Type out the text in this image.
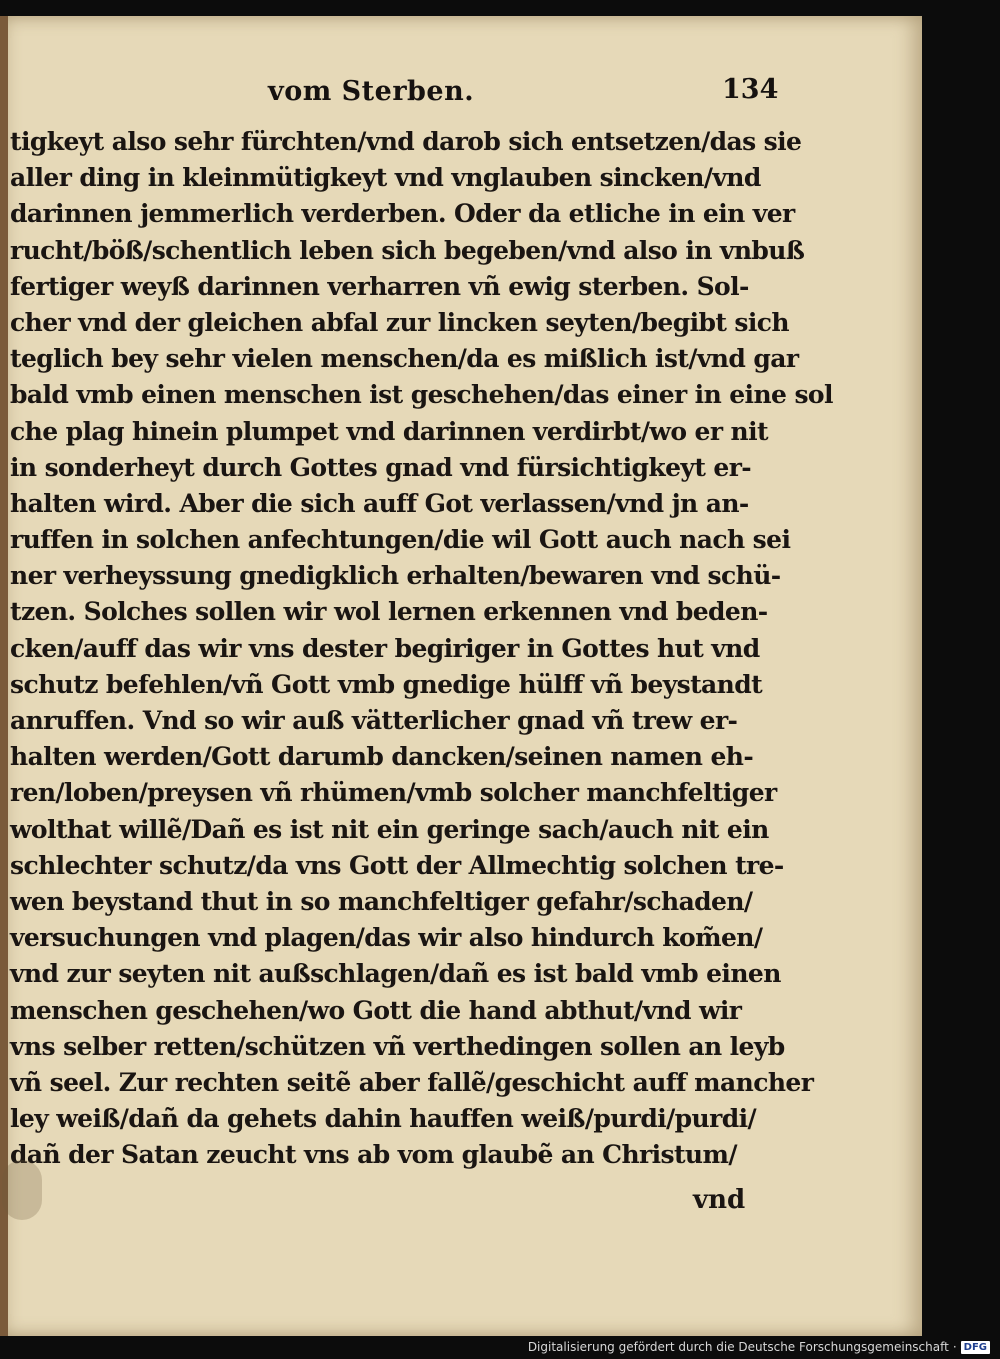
vom Sterben.	134
tigkeyt also sehr fürchten/vnd darob sich entsetzen/das sie
aller ding in kleinmütigkeyt vnd vnglauben sincken/vnd
darinnen jemmerlich verderben. Oder da etliche in ein ver
rucht/böß/schentlich leben sich begeben/vnd also in vnbuß
fertiger weyß darinnen verharren vñ ewig sterben. Sol-
cher vnd der gleichen abfal zur lincken seyten/begibt sich
teglich bey sehr vielen menschen/da es mißlich ist/vnd gar
bald vmb einen menschen ist geschehen/das einer in eine sol
che plag hinein plumpet vnd darinnen verdirbt/wo er nit
in sonderheyt durch Gottes gnad vnd fürsichtigkeyt er-
halten wird. Aber die sich auff Got verlassen/vnd jn an-
ruffen in solchen anfechtungen/die wil Gott auch nach sei
ner verheyssung gnedigklich erhalten/bewaren vnd schü-
tzen. Solches sollen wir wol lernen erkennen vnd beden-
cken/auff das wir vns dester begiriger in Gottes hut vnd
schutz befehlen/vñ Gott vmb gnedige hülff vñ beystandt
anruffen. Vnd so wir auß vätterlicher gnad vñ trew er-
halten werden/Gott darumb dancken/seinen namen eh-
ren/loben/preysen vñ rhümen/vmb solcher manchfeltiger
wolthat willẽ/Dañ es ist nit ein geringe sach/auch nit ein
schlechter schutz/da vns Gott der Allmechtig solchen tre-
wen beystand thut in so manchfeltiger gefahr/schaden/
versuchungen vnd plagen/das wir also hindurch kom̃en/
vnd zur seyten nit außschlagen/dañ es ist bald vmb einen
menschen geschehen/wo Gott die hand abthut/vnd wir
vns selber retten/schützen vñ verthedingen sollen an leyb
vñ seel. Zur rechten seitẽ aber fallẽ/geschicht auff mancher
ley weiß/dañ da gehets dahin hauffen weiß/purdi/purdi/
dañ der Satan zeucht vns ab vom glaubẽ an Christum/
vnd
Digitalisierung gefördert durch die Deutsche Forschungsgemeinschaft · DFG
